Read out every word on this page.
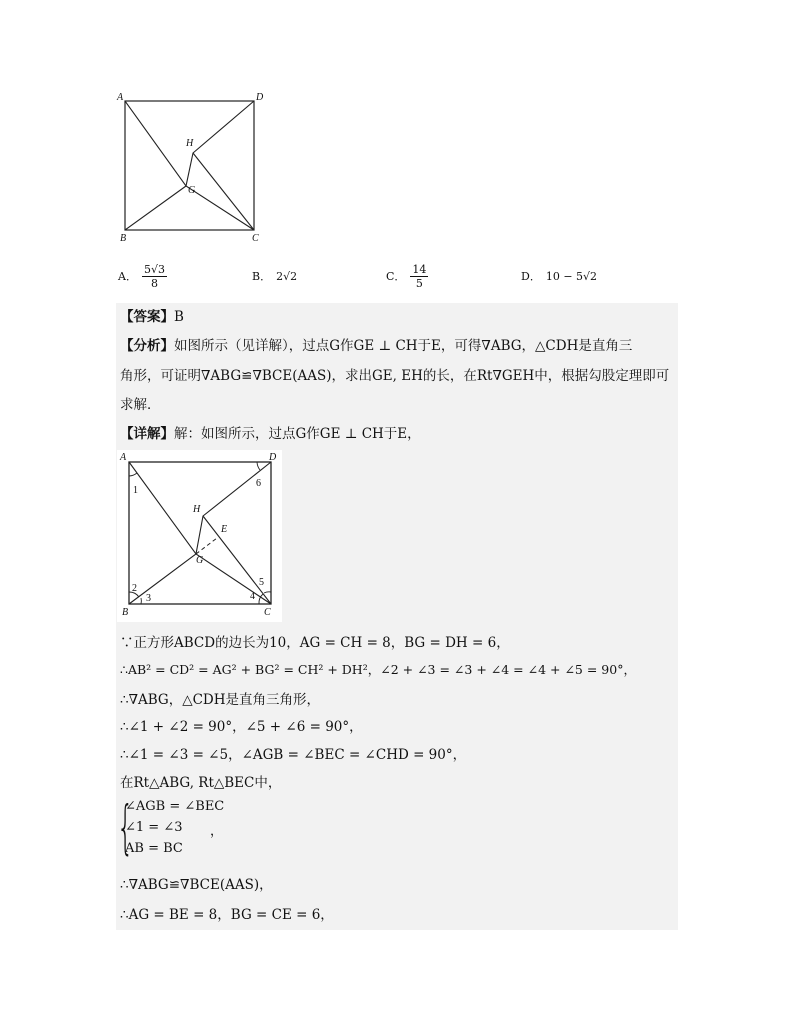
A	D
B	C
H
G
A． $\frac{5√3}{8}$	B． 2√2	C． $\frac{14}{5}$	D． 10 − 5√2
【答案】B
【分析】如图所示（见详解），过点G作GE ⊥ CH于E，可得∇ABG，△CDH是直角三
角形，可证明∇ABG≌∇BCE(AAS)，求出GE, EH的长，在Rt∇GEH中，根据勾股定理即可
求解．
【详解】解：如图所示，过点G作GE ⊥ CH于E，
A	D
B	C
H
G
E
1
6
2
3	4
5
∵正方形ABCD的边长为10，AG = CH = 8，BG = DH = 6，
∴AB² = CD² = AG² + BG² = CH² + DH²，∠2 + ∠3 = ∠3 + ∠4 = ∠4 + ∠5 = 90°，
∴∇ABG，△CDH是直角三角形，
∴∠1 + ∠2 = 90°，∠5 + ∠6 = 90°，
∴∠1 = ∠3 = ∠5，∠AGB = ∠BEC = ∠CHD = 90°，
在Rt△ABG, Rt△BEC中，
{
∠AGB = ∠BEC
∠1 = ∠3 ，
AB = BC
∴∇ABG≌∇BCE(AAS)，
∴AG = BE = 8，BG = CE = 6，
